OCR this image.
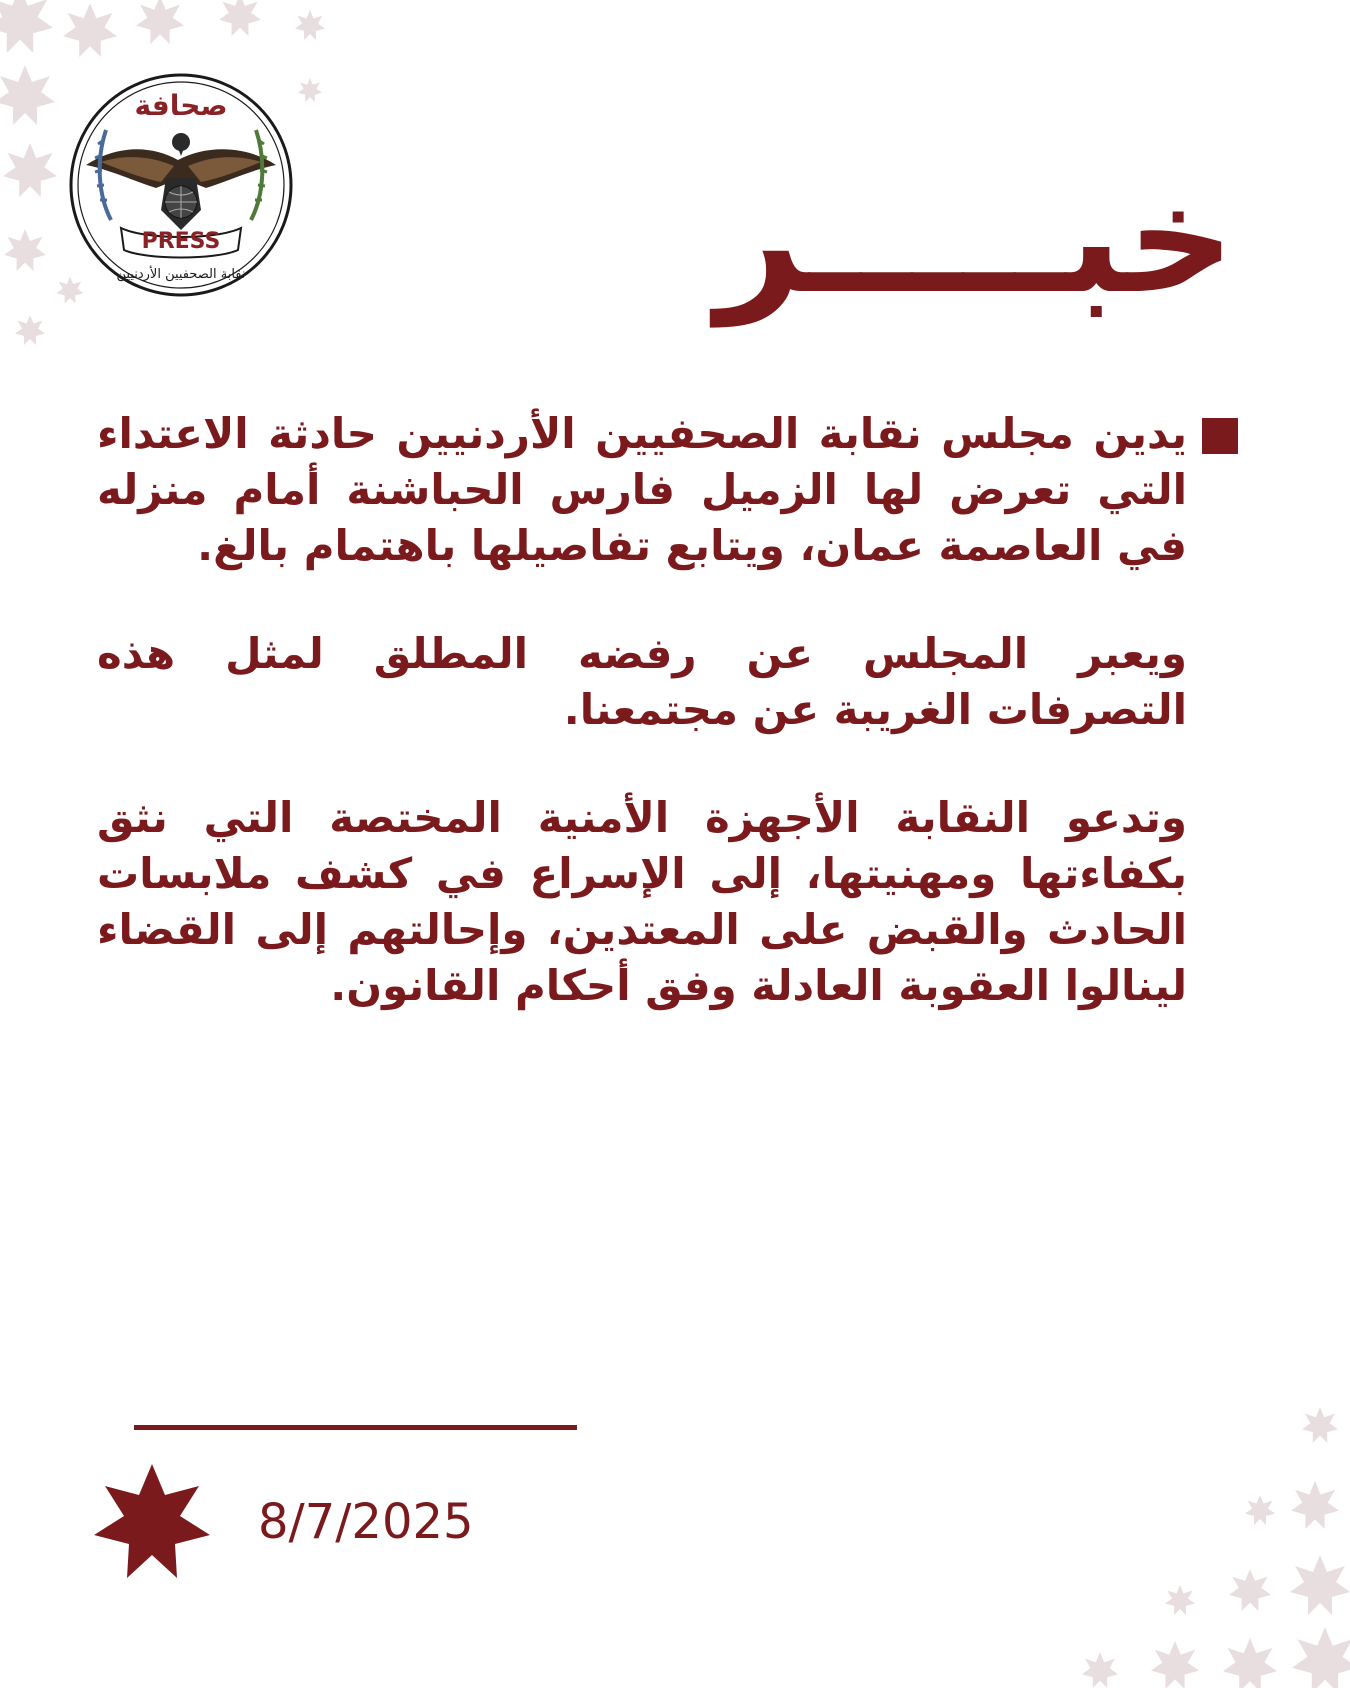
صحافة
PRESS
نقابة الصحفيين الأردنيين	خبـــــر

يدين مجلس نقابة الصحفيين الأردنيين حادثة الاعتداء التي تعرض لها الزميل فارس الحباشنة أمام منزله في العاصمة عمان، ويتابع تفاصيلها باهتمام بالغ.

ويعبر المجلس عن رفضه المطلق لمثل هذه التصرفات الغريبة عن مجتمعنا.

وتدعو النقابة الأجهزة الأمنية المختصة التي نثق بكفاءتها ومهنيتها، إلى الإسراع في كشف ملابسات الحادث والقبض على المعتدين، وإحالتهم إلى القضاء لينالوا العقوبة العادلة وفق أحكام القانون.

8/7/2025
